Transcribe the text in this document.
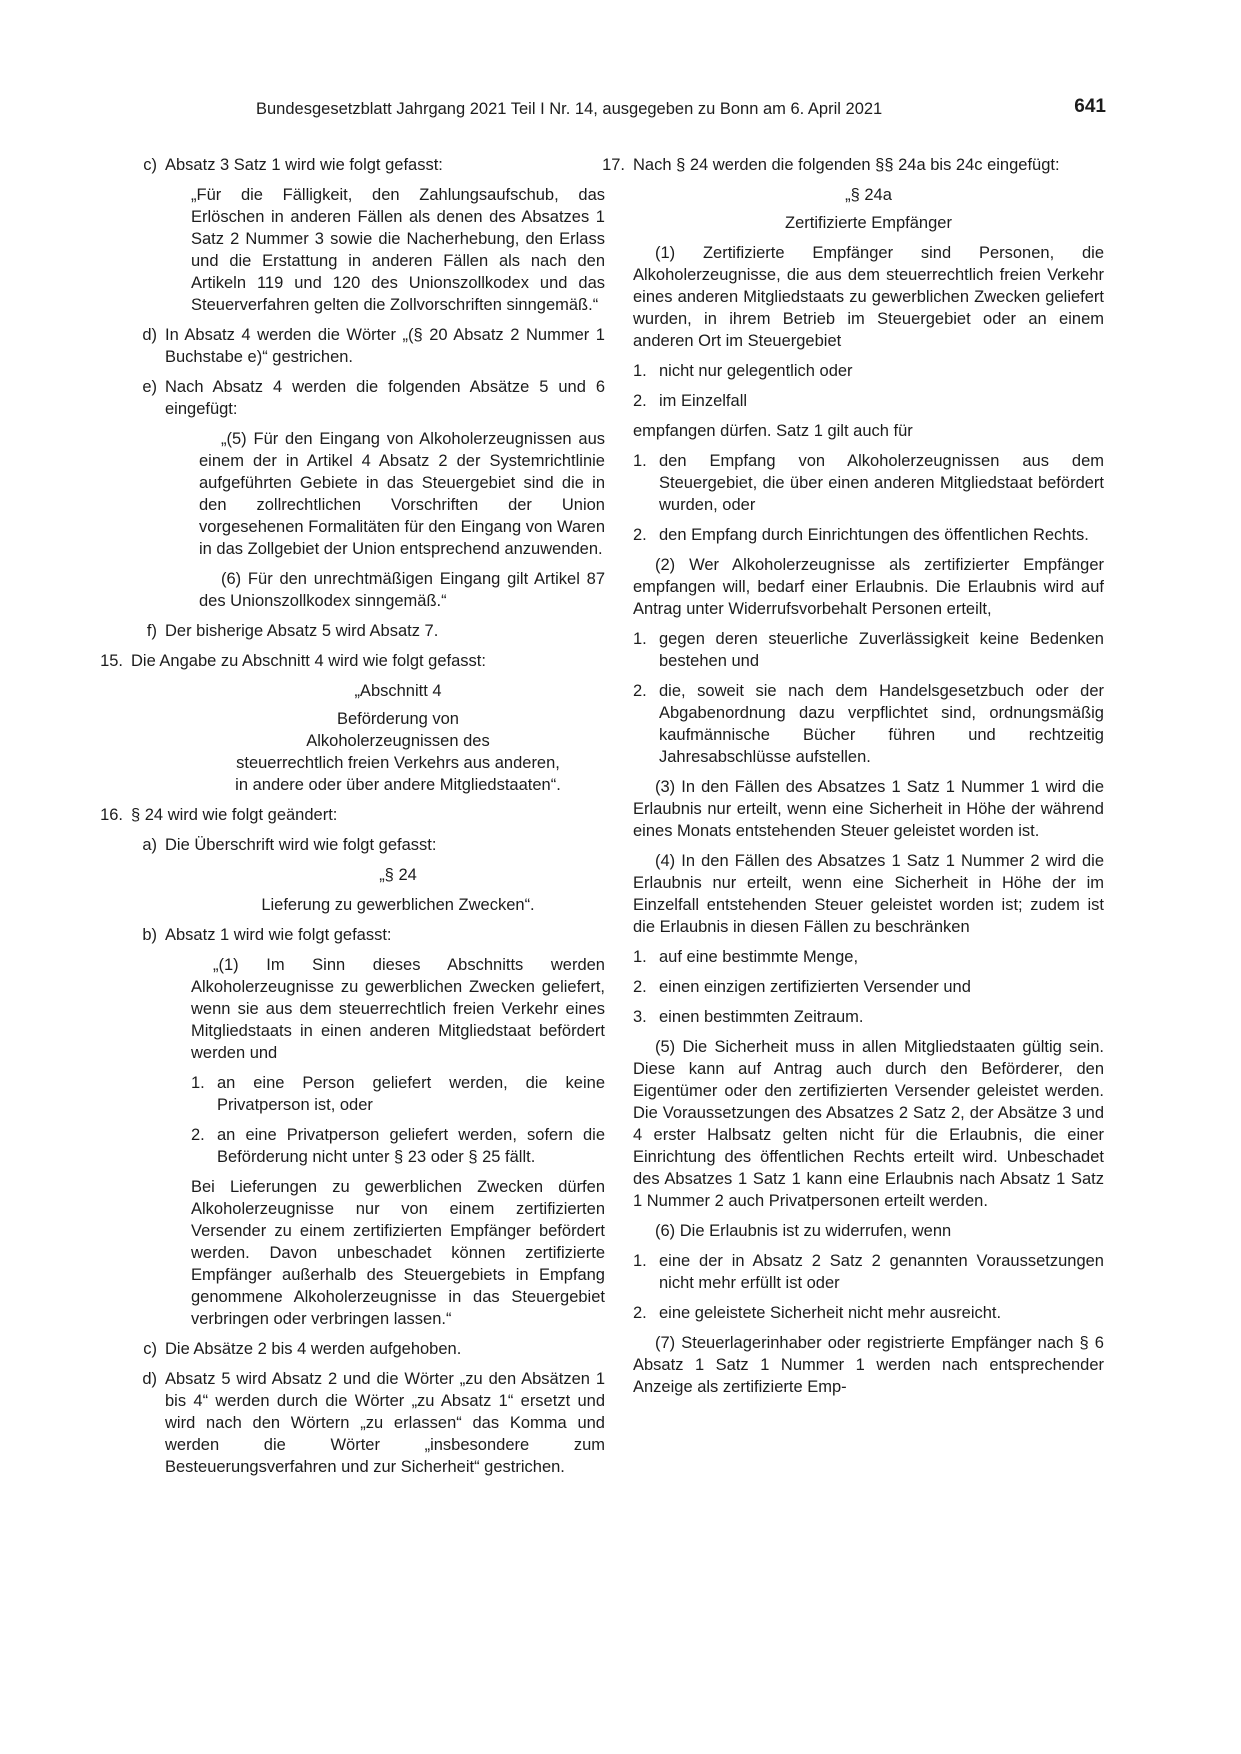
Bundesgesetzblatt Jahrgang 2021 Teil I Nr. 14, ausgegeben zu Bonn am 6. April 2021	641
c) Absatz 3 Satz 1 wird wie folgt gefasst:

„Für die Fälligkeit, den Zahlungsaufschub, das Erlöschen in anderen Fällen als denen des Absatzes 1 Satz 2 Nummer 3 sowie die Nacherhebung, den Erlass und die Erstattung in anderen Fällen als nach den Artikeln 119 und 120 des Unionszollkodex und das Steuerverfahren gelten die Zollvorschriften sinngemäß.“

d) In Absatz 4 werden die Wörter „(§ 20 Absatz 2 Nummer 1 Buchstabe e)“ gestrichen.
e) Nach Absatz 4 werden die folgenden Absätze 5 und 6 eingefügt:

„(5) Für den Eingang von Alkoholerzeugnissen aus einem der in Artikel 4 Absatz 2 der Systemrichtlinie aufgeführten Gebiete in das Steuergebiet sind die in den zollrechtlichen Vorschriften der Union vorgesehenen Formalitäten für den Eingang von Waren in das Zollgebiet der Union entsprechend anzuwenden.

(6) Für den unrechtmäßigen Eingang gilt Artikel 87 des Unionszollkodex sinngemäß.“

f) Der bisherige Absatz 5 wird Absatz 7.
15. Die Angabe zu Abschnitt 4 wird wie folgt gefasst:
„Abschnitt 4
Beförderung von
Alkoholerzeugnissen des
steuerrechtlich freien Verkehrs aus anderen,
in andere oder über andere Mitgliedstaaten“.
16. § 24 wird wie folgt geändert:
a) Die Überschrift wird wie folgt gefasst:
„§ 24
Lieferung zu gewerblichen Zwecken“.
b) Absatz 1 wird wie folgt gefasst:

„(1) Im Sinn dieses Abschnitts werden Alkoholerzeugnisse zu gewerblichen Zwecken geliefert, wenn sie aus dem steuerrechtlich freien Verkehr eines Mitgliedstaats in einen anderen Mitgliedstaat befördert werden und

1. an eine Person geliefert werden, die keine Privatperson ist, oder
2. an eine Privatperson geliefert werden, sofern die Beförderung nicht unter § 23 oder § 25 fällt.

Bei Lieferungen zu gewerblichen Zwecken dürfen Alkoholerzeugnisse nur von einem zertifizierten Versender zu einem zertifizierten Empfänger befördert werden. Davon unbeschadet können zertifizierte Empfänger außerhalb des Steuergebiets in Empfang genommene Alkoholerzeugnisse in das Steuergebiet verbringen oder verbringen lassen.“

c) Die Absätze 2 bis 4 werden aufgehoben.
d) Absatz 5 wird Absatz 2 und die Wörter „zu den Absätzen 1 bis 4“ werden durch die Wörter „zu Absatz 1“ ersetzt und wird nach den Wörtern „zu erlassen“ das Komma und werden die Wörter „insbesondere zum Besteuerungsverfahren und zur Sicherheit“ gestrichen.
17. Nach § 24 werden die folgenden §§ 24a bis 24c eingefügt:

„§ 24a

Zertifizierte Empfänger

(1) Zertifizierte Empfänger sind Personen, die Alkoholerzeugnisse, die aus dem steuerrechtlich freien Verkehr eines anderen Mitgliedstaats zu gewerblichen Zwecken geliefert wurden, in ihrem Betrieb im Steuergebiet oder an einem anderen Ort im Steuergebiet

1. nicht nur gelegentlich oder
2. im Einzelfall

empfangen dürfen. Satz 1 gilt auch für

1. den Empfang von Alkoholerzeugnissen aus dem Steuergebiet, die über einen anderen Mitgliedstaat befördert wurden, oder
2. den Empfang durch Einrichtungen des öffentlichen Rechts.

(2) Wer Alkoholerzeugnisse als zertifizierter Empfänger empfangen will, bedarf einer Erlaubnis. Die Erlaubnis wird auf Antrag unter Widerrufsvorbehalt Personen erteilt,

1. gegen deren steuerliche Zuverlässigkeit keine Bedenken bestehen und
2. die, soweit sie nach dem Handelsgesetzbuch oder der Abgabenordnung dazu verpflichtet sind, ordnungsmäßig kaufmännische Bücher führen und rechtzeitig Jahresabschlüsse aufstellen.

(3) In den Fällen des Absatzes 1 Satz 1 Nummer 1 wird die Erlaubnis nur erteilt, wenn eine Sicherheit in Höhe der während eines Monats entstehenden Steuer geleistet worden ist.

(4) In den Fällen des Absatzes 1 Satz 1 Nummer 2 wird die Erlaubnis nur erteilt, wenn eine Sicherheit in Höhe der im Einzelfall entstehenden Steuer geleistet worden ist; zudem ist die Erlaubnis in diesen Fällen zu beschränken

1. auf eine bestimmte Menge,
2. einen einzigen zertifizierten Versender und
3. einen bestimmten Zeitraum.

(5) Die Sicherheit muss in allen Mitgliedstaaten gültig sein. Diese kann auf Antrag auch durch den Beförderer, den Eigentümer oder den zertifizierten Versender geleistet werden. Die Voraussetzungen des Absatzes 2 Satz 2, der Absätze 3 und 4 erster Halbsatz gelten nicht für die Erlaubnis, die einer Einrichtung des öffentlichen Rechts erteilt wird. Unbeschadet des Absatzes 1 Satz 1 kann eine Erlaubnis nach Absatz 1 Satz 1 Nummer 2 auch Privatpersonen erteilt werden.

(6) Die Erlaubnis ist zu widerrufen, wenn

1. eine der in Absatz 2 Satz 2 genannten Voraussetzungen nicht mehr erfüllt ist oder
2. eine geleistete Sicherheit nicht mehr ausreicht.

(7) Steuerlagerinhaber oder registrierte Empfänger nach § 6 Absatz 1 Satz 1 Nummer 1 werden nach entsprechender Anzeige als zertifizierte Emp-
